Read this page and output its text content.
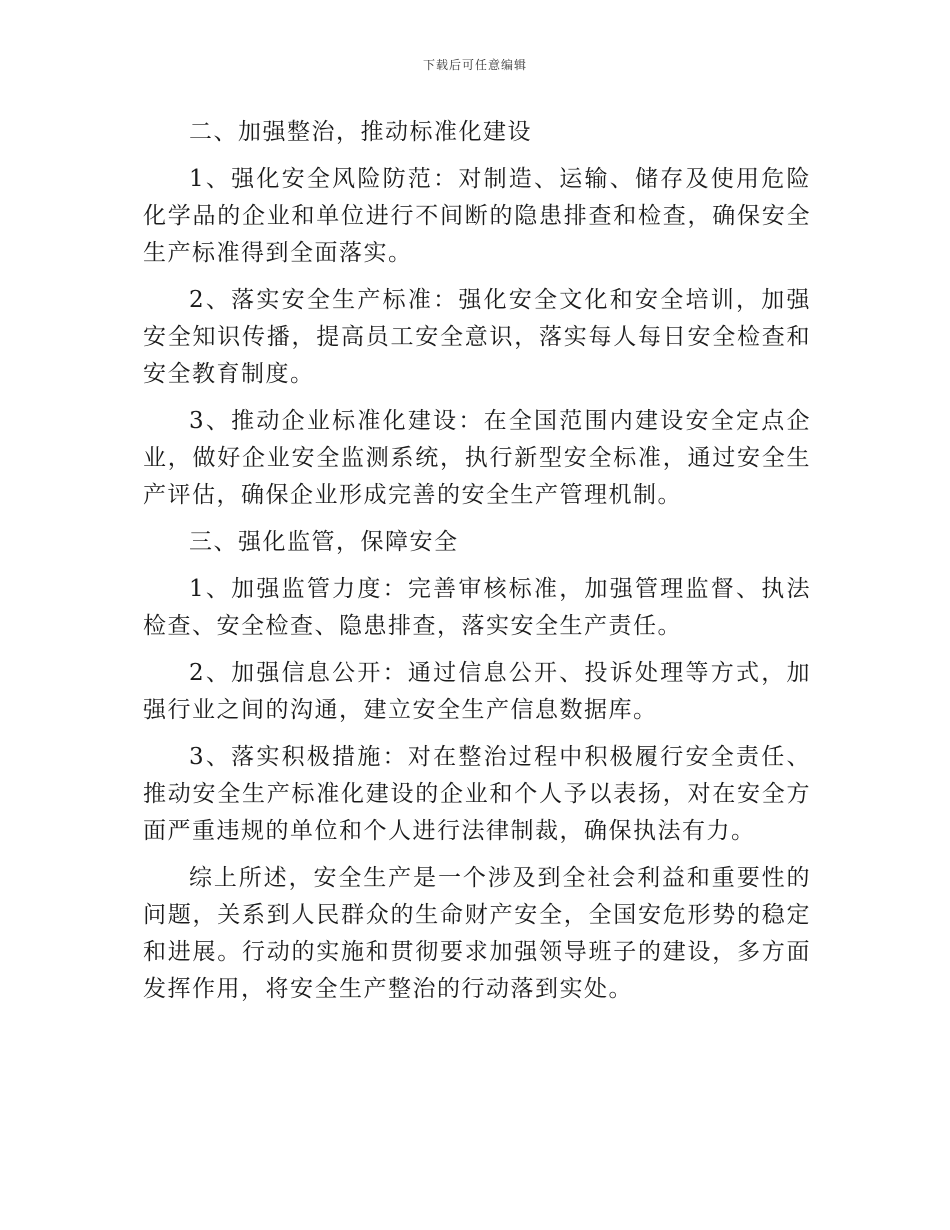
下载后可任意编辑

二、加强整治，推动标准化建设

1、强化安全风险防范：对制造、运输、储存及使用危险化学品的企业和单位进行不间断的隐患排查和检查，确保安全生产标准得到全面落实。

2、落实安全生产标准：强化安全文化和安全培训，加强安全知识传播，提高员工安全意识，落实每人每日安全检查和安全教育制度。

3、推动企业标准化建设：在全国范围内建设安全定点企业，做好企业安全监测系统，执行新型安全标准，通过安全生产评估，确保企业形成完善的安全生产管理机制。

三、强化监管，保障安全

1、加强监管力度：完善审核标准，加强管理监督、执法检查、安全检查、隐患排查，落实安全生产责任。

2、加强信息公开：通过信息公开、投诉处理等方式，加强行业之间的沟通，建立安全生产信息数据库。

3、落实积极措施：对在整治过程中积极履行安全责任、推动安全生产标准化建设的企业和个人予以表扬，对在安全方面严重违规的单位和个人进行法律制裁，确保执法有力。

综上所述，安全生产是一个涉及到全社会利益和重要性的问题，关系到人民群众的生命财产安全，全国安危形势的稳定和进展。行动的实施和贯彻要求加强领导班子的建设，多方面发挥作用，将安全生产整治的行动落到实处。
